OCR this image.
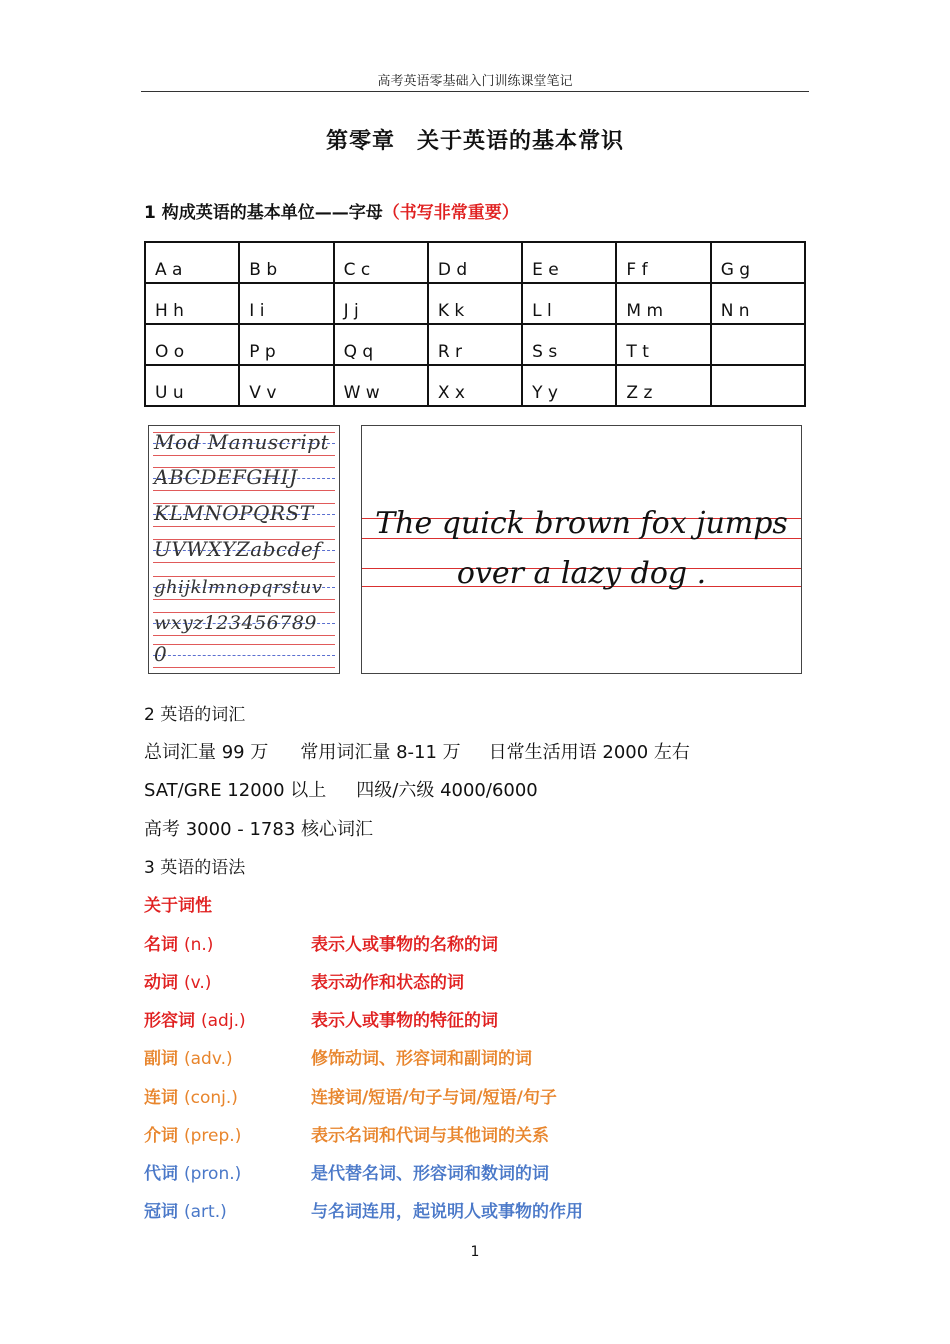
高考英语零基础入门训练课堂笔记
第零章 关于英语的基本常识
1 构成英语的基本单位——字母（书写非常重要）
A a	B b	C c	D d	E e	F f	G g
H h	I i	J j	K k	L l	M m	N n
O o	P p	Q q	R r	S s	T t	
U u	V v	W w	X x	Y y	Z z	
Mod Manuscript
ABCDEFGHIJ
KLMNOPQRST
UVWXYZabcdef
ghijklmnopqrstuv
wxyz123456789
0
The quick brown fox jumps
over a lazy dog .
2 英语的词汇
总词汇量 99 万 常用词汇量 8-11 万 日常生活用语 2000 左右
SAT/GRE 12000 以上 四级/六级 4000/6000
高考 3000 - 1783 核心词汇
3 英语的语法
关于词性
名词 (n.)	表示人或事物的名称的词
动词 (v.)	表示动作和状态的词
形容词 (adj.)	表示人或事物的特征的词
副词 (adv.)	修饰动词、形容词和副词的词
连词 (conj.)	连接词/短语/句子与词/短语/句子
介词 (prep.)	表示名词和代词与其他词的关系
代词 (pron.)	是代替名词、形容词和数词的词
冠词 (art.)	与名词连用，起说明人或事物的作用
1
